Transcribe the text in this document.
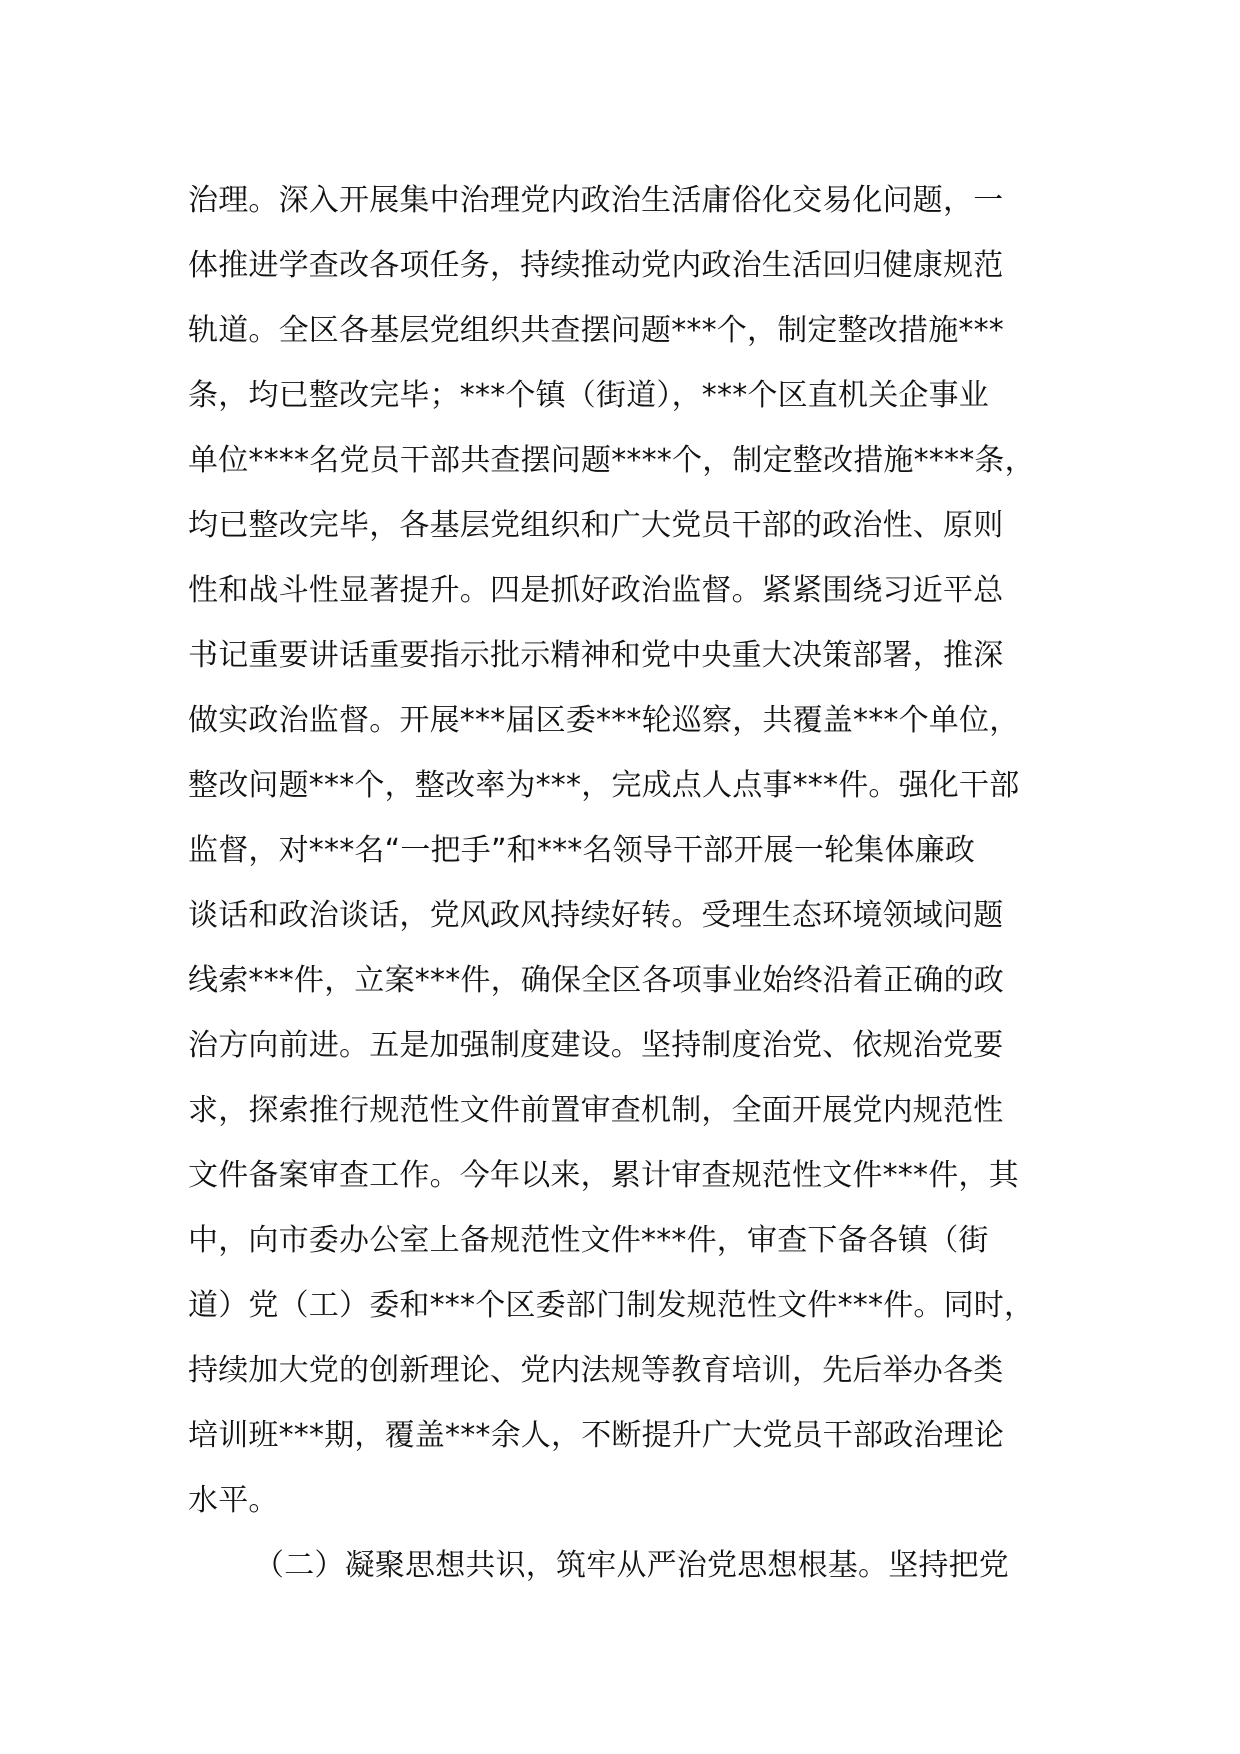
治理。深入开展集中治理党内政治生活庸俗化交易化问题，一
体推进学查改各项任务，持续推动党内政治生活回归健康规范
轨道。全区各基层党组织共查摆问题***个，制定整改措施***
条，均已整改完毕；***个镇（街道），***个区直机关企事业
单位****名党员干部共查摆问题****个，制定整改措施****条，
均已整改完毕，各基层党组织和广大党员干部的政治性、原则
性和战斗性显著提升。四是抓好政治监督。紧紧围绕习近平总
书记重要讲话重要指示批示精神和党中央重大决策部署，推深
做实政治监督。开展***届区委***轮巡察，共覆盖***个单位，
整改问题***个，整改率为***，完成点人点事***件。强化干部
监督，对***名“一把手”和***名领导干部开展一轮集体廉政
谈话和政治谈话，党风政风持续好转。受理生态环境领域问题
线索***件，立案***件，确保全区各项事业始终沿着正确的政
治方向前进。五是加强制度建设。坚持制度治党、依规治党要
求，探索推行规范性文件前置审查机制，全面开展党内规范性
文件备案审查工作。今年以来，累计审查规范性文件***件，其
中，向市委办公室上备规范性文件***件，审查下备各镇（街
道）党（工）委和***个区委部门制发规范性文件***件。同时，
持续加大党的创新理论、党内法规等教育培训，先后举办各类
培训班***期，覆盖***余人，不断提升广大党员干部政治理论
水平。
（二）凝聚思想共识，筑牢从严治党思想根基。坚持把党
